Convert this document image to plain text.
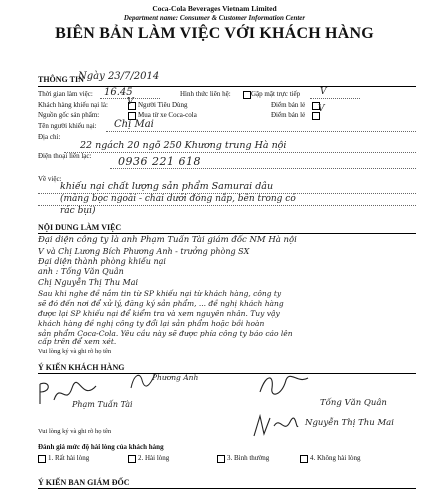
Coca-Cola Beverages Vietnam Limited
Department name: Consumer & Customer Information Center
BIÊN BẢN LÀM VIỆC VỚI KHÁCH HÀNG
THÔNG TIN
Ngày 23/7/2014
Thời gian làm việc: 16.45	Hình thức liên hệ:	Gặp mặt trực tiếp V
Khách hàng khiếu nại là: V Người Tiêu Dùng	Điểm bán lẻ
Nguồn gốc sản phẩm:	Mua từ xe Coca-cola	Điểm bán lẻ
V
Tên người khiếu nại: Chị Mai
Địa chỉ:
22 ngách 20 ngõ 250 Khương trung Hà nội
Điện thoại liên lạc: 0936 221 618
Về việc:
khiếu nại chất lượng sản phẩm Samurai dâu
(màng bọc ngoài - chai dưới đóng nắp, bên trong có
rác bụi)
NỘI DUNG LÀM VIỆC
Đại diện công ty là anh Phạm Tuấn Tài giám đốc NM Hà nội
V và Chị Lương Bích Phương Anh - trưởng phòng SX
Đại diện thành phòng khiếu nại
anh : Tống Văn Quân
Chị Nguyễn Thị Thu Mai
Sau khi nghe đề nắm tin từ SP khiếu nại từ khách hàng, công ty
sẽ đó đến nơi để xử lý, đăng ký sản phẩm, ... đề nghị khách hàng
được lại SP khiếu nại để kiểm tra và xem nguyên nhân. Tuy vậy
khách hàng đề nghị công ty đổi lại sản phẩm hoặc bồi hoàn
sản phẩm Coca-Cola. Yêu cầu này sẽ được phía công ty báo cáo lên
cấp trên để xem xét.
Vui lòng ký và ghi rõ họ tên
Ý KIẾN KHÁCH HÀNG
Phương Anh
Phạm Tuấn Tài	Tống Văn Quân
Vui lòng ký và ghi rõ họ tên
Nguyễn Thị Thu Mai
Đánh giá mức độ hài lòng của khách hàng
1. Rất hài lòng	2. Hài lòng	3. Bình thường	4. Không hài lòng
Ý KIẾN BAN GIÁM ĐỐC
